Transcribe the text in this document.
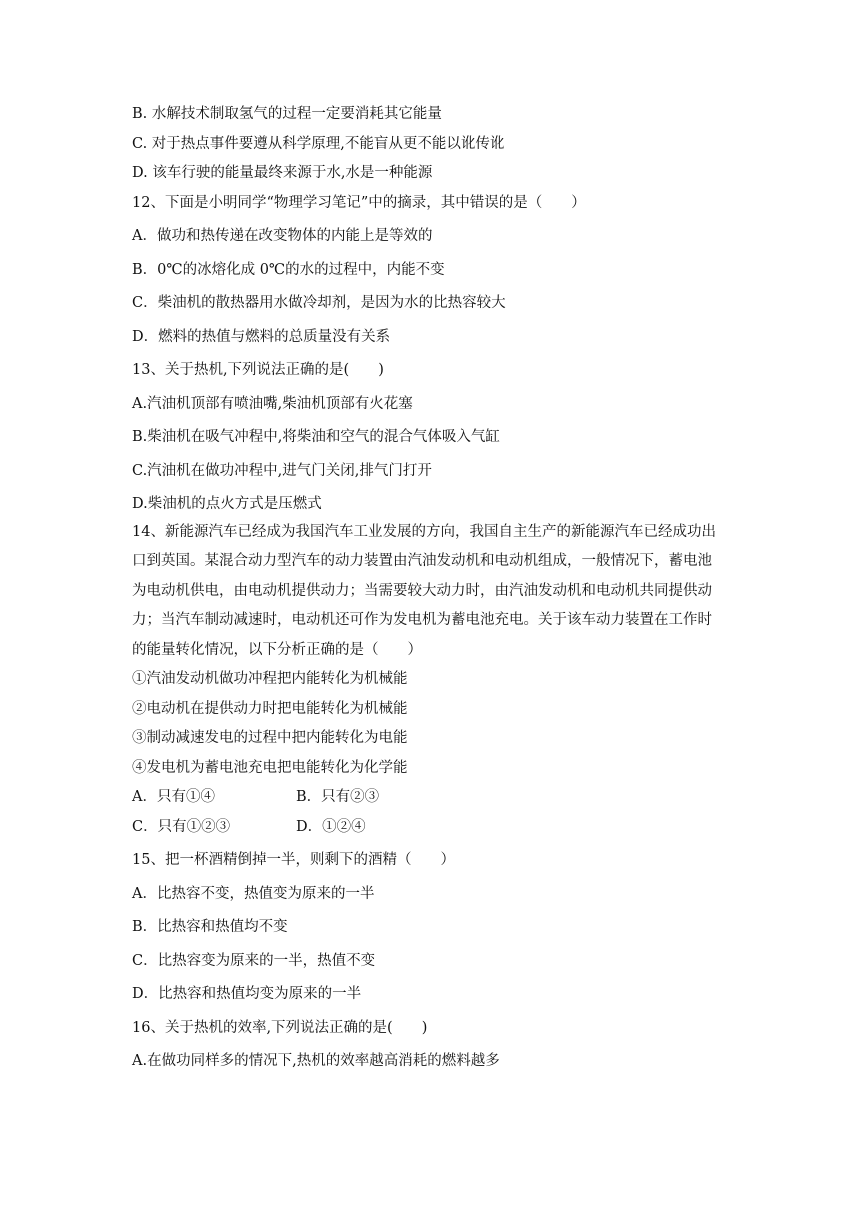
B. 水解技术制取氢气的过程一定要消耗其它能量
C. 对于热点事件要遵从科学原理,不能盲从更不能以讹传讹
D. 该车行驶的能量最终来源于水,水是一种能源
12、下面是小明同学“物理学习笔记”中的摘录，其中错误的是（　　）
A．做功和热传递在改变物体的内能上是等效的
B．0℃的冰熔化成 0℃的水的过程中，内能不变
C．柴油机的散热器用水做冷却剂，是因为水的比热容较大
D．燃料的热值与燃料的总质量没有关系
13、关于热机,下列说法正确的是(　　)
A.汽油机顶部有喷油嘴,柴油机顶部有火花塞
B.柴油机在吸气冲程中,将柴油和空气的混合气体吸入气缸
C.汽油机在做功冲程中,进气门关闭,排气门打开
D.柴油机的点火方式是压燃式
14、新能源汽车已经成为我国汽车工业发展的方向，我国自主生产的新能源汽车已经成功出
口到英国。某混合动力型汽车的动力装置由汽油发动机和电动机组成，一般情况下，蓄电池
为电动机供电，由电动机提供动力；当需要较大动力时，由汽油发动机和电动机共同提供动
力；当汽车制动减速时，电动机还可作为发电机为蓄电池充电。关于该车动力装置在工作时
的能量转化情况，以下分析正确的是（　　）
①汽油发动机做功冲程把内能转化为机械能
②电动机在提供动力时把电能转化为机械能
③制动减速发电的过程中把内能转化为电能
④发电机为蓄电池充电把电能转化为化学能
A．只有①④	B．只有②③
C．只有①②③	D．①②④
15、把一杯酒精倒掉一半，则剩下的酒精（　　）
A．比热容不变，热值变为原来的一半
B．比热容和热值均不变
C．比热容变为原来的一半，热值不变
D．比热容和热值均变为原来的一半
16、关于热机的效率,下列说法正确的是(　　)
A.在做功同样多的情况下,热机的效率越高消耗的燃料越多
